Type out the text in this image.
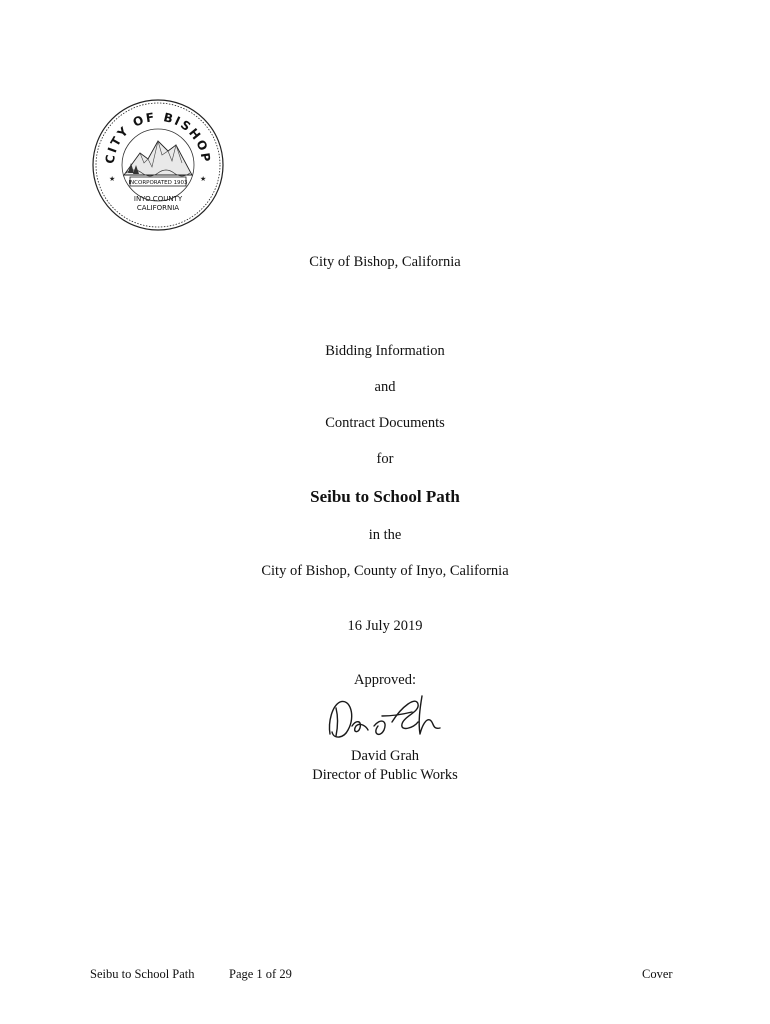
CITY OF BISHOP
★	★
INCORPORATED 1903
INYO COUNTY
CALIFORNIA
City of Bishop, California
Bidding Information
and
Contract Documents
for
Seibu to School Path
in the
City of Bishop, County of Inyo, California
16 July 2019
Approved:
David Grah
Director of Public Works
Seibu to School Path	Page 1 of 29	Cover
